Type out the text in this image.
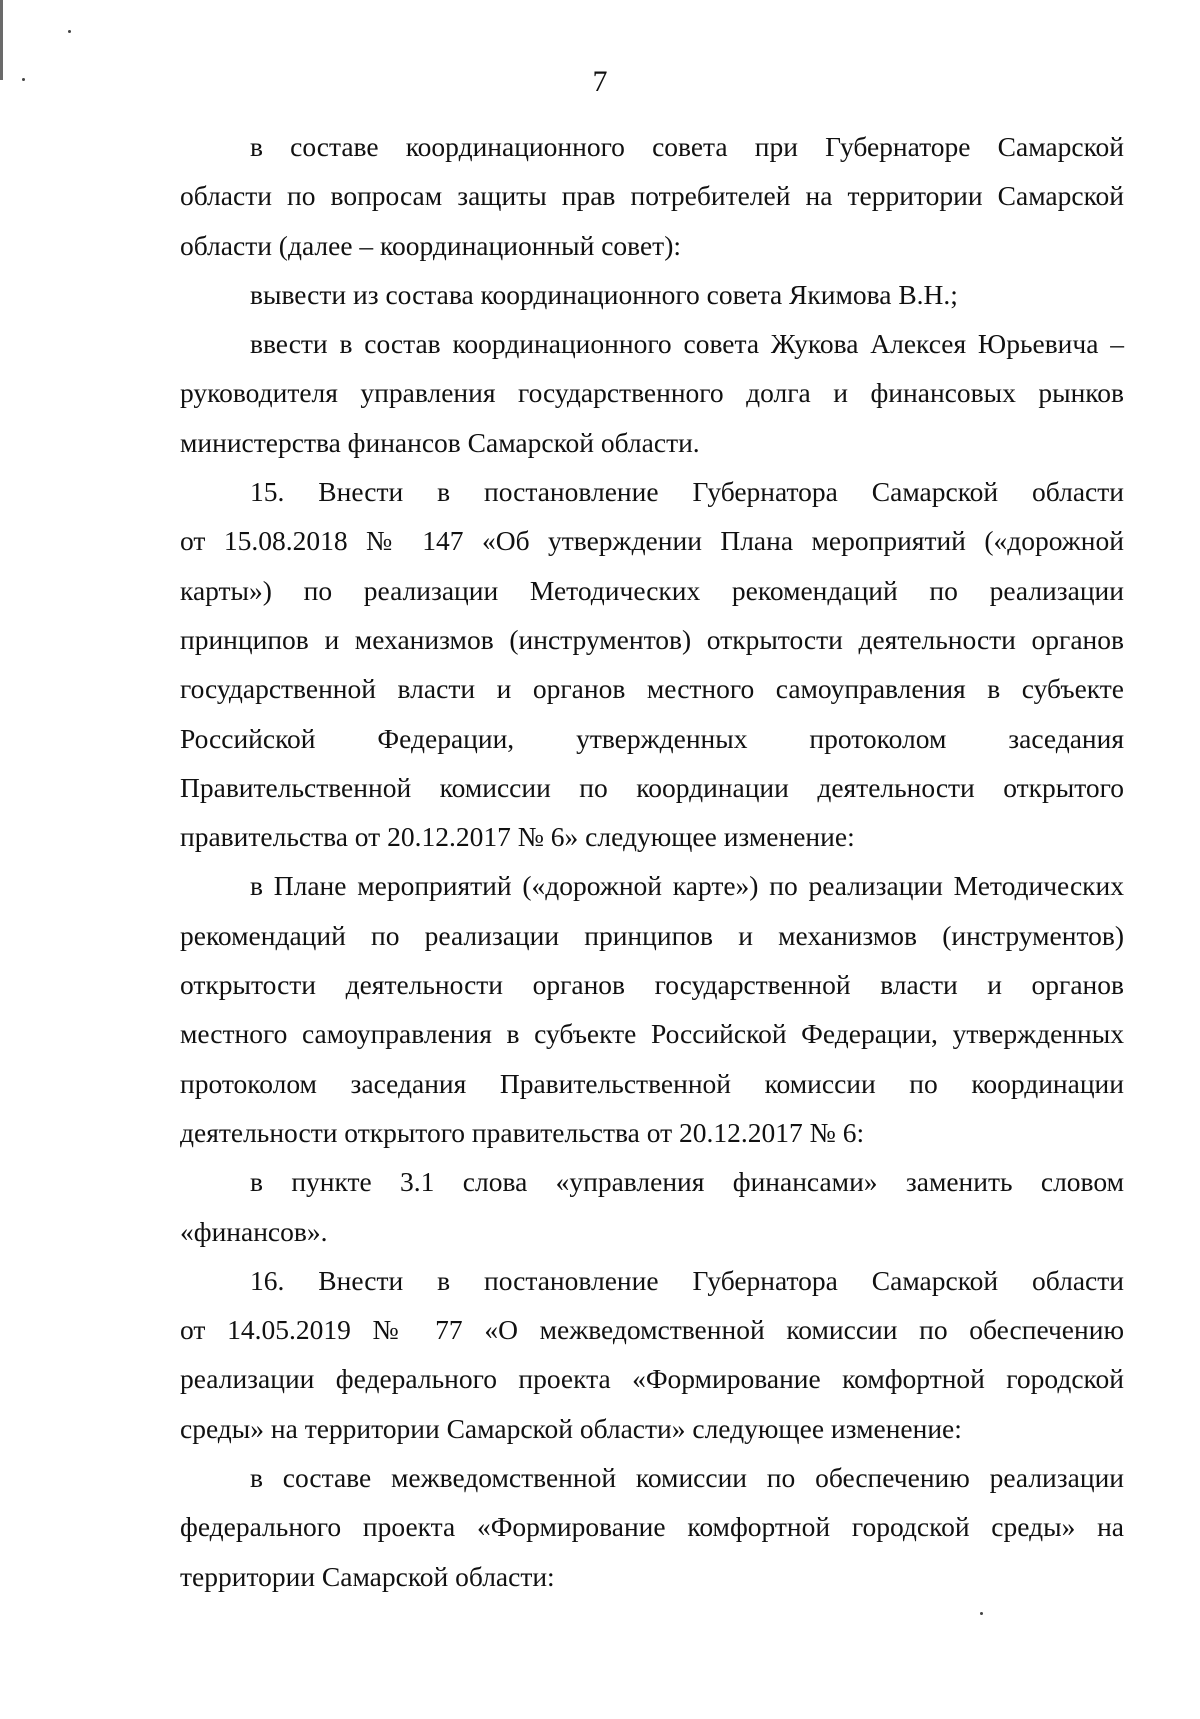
7
в составе координационного совета при Губернаторе Самарской
области по вопросам защиты прав потребителей на территории Самарской
области (далее – координационный совет):
вывести из состава координационного совета Якимова В.Н.;
ввести в состав координационного совета Жукова Алексея Юрьевича –
руководителя управления государственного долга и финансовых рынков
министерства финансов Самарской области.
15. Внести в постановление Губернатора Самарской области
от 15.08.2018 № 147 «Об утверждении Плана мероприятий («дорожной
карты») по реализации Методических рекомендаций по реализации
принципов и механизмов (инструментов) открытости деятельности органов
государственной власти и органов местного самоуправления в субъекте
Российской Федерации, утвержденных протоколом заседания
Правительственной комиссии по координации деятельности открытого
правительства от 20.12.2017 № 6» следующее изменение:
в Плане мероприятий («дорожной карте») по реализации Методических
рекомендаций по реализации принципов и механизмов (инструментов)
открытости деятельности органов государственной власти и органов
местного самоуправления в субъекте Российской Федерации, утвержденных
протоколом заседания Правительственной комиссии по координации
деятельности открытого правительства от 20.12.2017 № 6:
в пункте 3.1 слова «управления финансами» заменить словом
«финансов».
16. Внести в постановление Губернатора Самарской области
от 14.05.2019 № 77 «О межведомственной комиссии по обеспечению
реализации федерального проекта «Формирование комфортной городской
среды» на территории Самарской области» следующее изменение:
в составе межведомственной комиссии по обеспечению реализации
федерального проекта «Формирование комфортной городской среды» на
территории Самарской области:
